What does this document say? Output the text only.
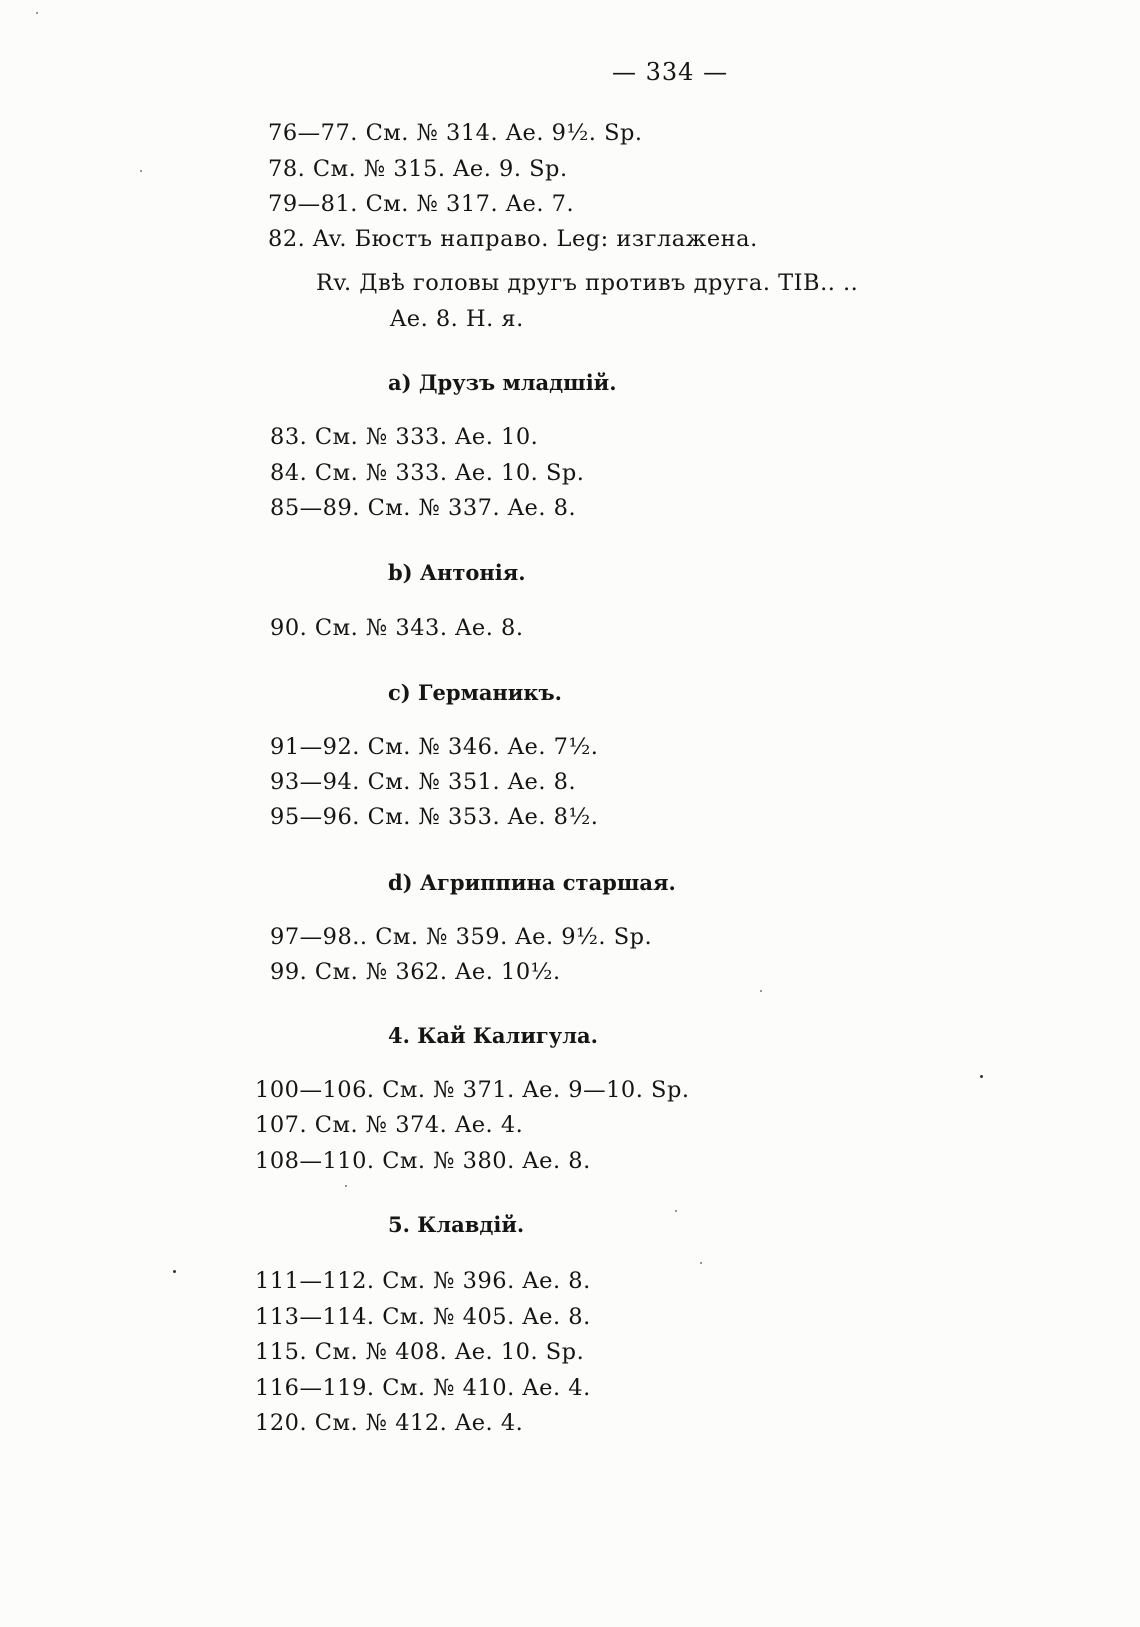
— 334 —
76—77. См. № 314. Ae. 9½. Sp.
78. См. № 315. Ae. 9. Sp.
79—81. См. № 317. Ae. 7.
82. Av. Бюстъ направо. Leg: изглажена.
Rv. Двѣ головы другъ противъ друга. TIB.. ..
Ae. 8. H. я.
a) Друзъ младшій.
83. См. № 333. Ae. 10.
84. См. № 333. Ae. 10. Sp.
85—89. См. № 337. Ae. 8.
b) Антонія.
90. См. № 343. Ae. 8.
c) Германикъ.
91—92. См. № 346. Ae. 7½.
93—94. См. № 351. Ae. 8.
95—96. См. № 353. Ae. 8½.
d) Агриппина старшая.
97—98.. См. № 359. Ae. 9½. Sp.
99. См. № 362. Ae. 10½.
4. Кай Калигула.
100—106. См. № 371. Ae. 9—10. Sp.
107. См. № 374. Ae. 4.
108—110. См. № 380. Ae. 8.
5. Клавдій.
111—112. См. № 396. Ae. 8.
113—114. См. № 405. Ae. 8.
115. См. № 408. Ae. 10. Sp.
116—119. См. № 410. Ae. 4.
120. См. № 412. Ae. 4.
